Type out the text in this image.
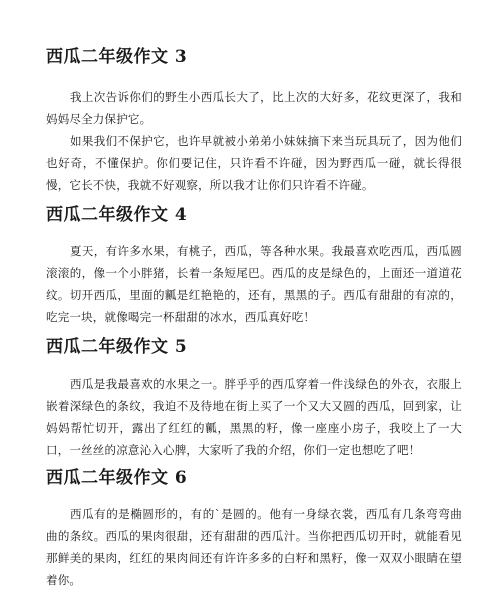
西瓜二年级作文 3

我上次告诉你们的野生小西瓜长大了，比上次的大好多，花纹更深了，我和妈妈尽全力保护它。

如果我们不保护它，也许早就被小弟弟小妹妹摘下来当玩具玩了，因为他们也好奇，不懂保护。你们要记住，只许看不许碰，因为野西瓜一碰，就长得很慢，它长不快，我就不好观察，所以我才让你们只许看不许碰。

西瓜二年级作文 4

夏天，有许多水果，有桃子，西瓜，等各种水果。我最喜欢吃西瓜，西瓜圆滚滚的，像一个小胖猪，长着一条短尾巴。西瓜的皮是绿色的，上面还一道道花纹。切开西瓜，里面的瓤是红艳艳的，还有，黑黑的子。西瓜有甜甜的有凉的，吃完一块，就像喝完一杯甜甜的冰水，西瓜真好吃！

西瓜二年级作文 5

西瓜是我最喜欢的水果之一。胖乎乎的西瓜穿着一件浅绿色的外衣，衣服上嵌着深绿色的条纹，我迫不及待地在街上买了一个又大又圆的西瓜，回到家，让妈妈帮忙切开，露出了红红的瓤，黑黑的籽，像一座座小房子，我咬上了一大口，一丝丝的凉意沁入心脾，大家听了我的介绍，你们一定也想吃了吧！

西瓜二年级作文 6

西瓜有的是椭圆形的，有的`是圆的。他有一身绿衣裳，西瓜有几条弯弯曲曲的条纹。西瓜的果肉很甜，还有甜甜的西瓜汁。当你把西瓜切开时，就能看见那鲜美的果肉，红红的果肉间还有许许多多的白籽和黑籽，像一双双小眼睛在望着你。
